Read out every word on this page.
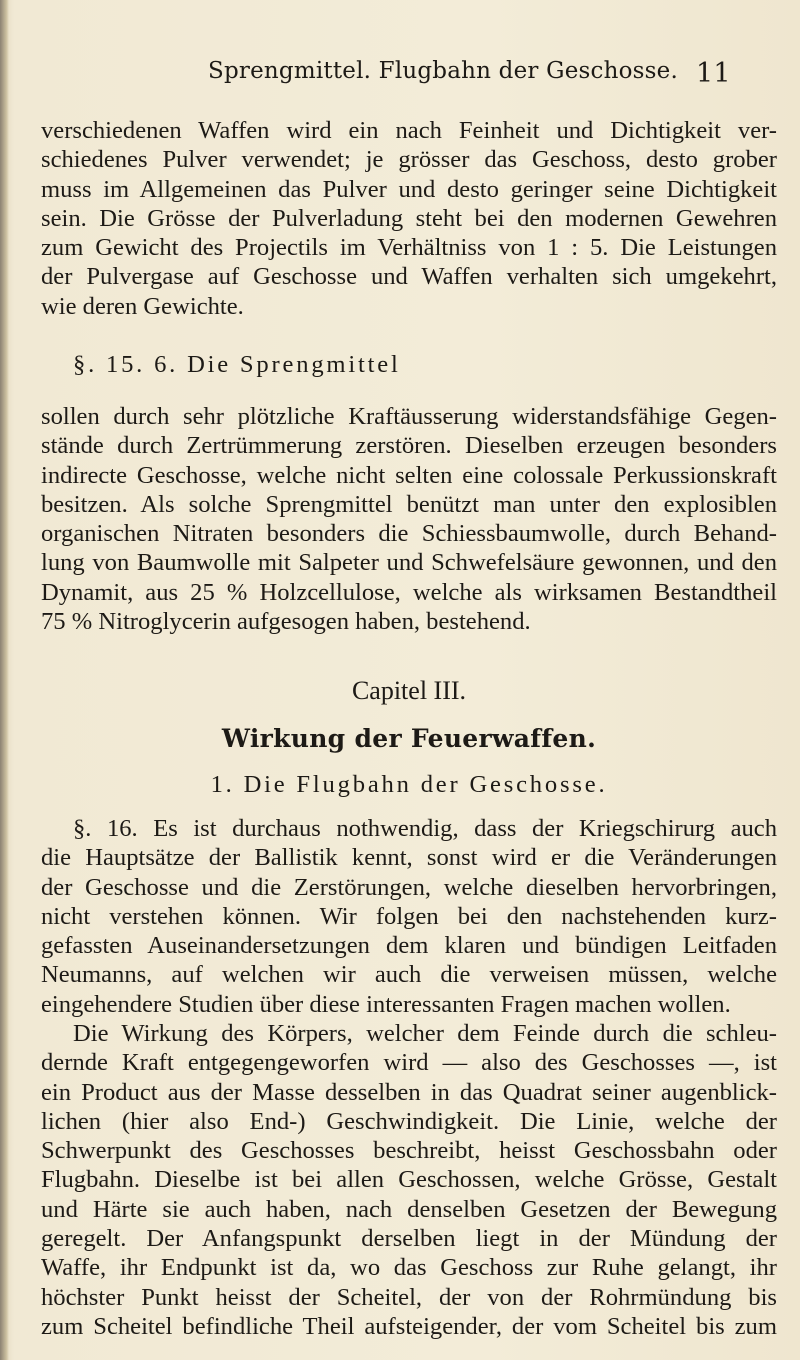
Sprengmittel. Flugbahn der Geschosse. 11
verschiedenen Waffen wird ein nach Feinheit und Dichtigkeit ver-
schiedenes Pulver verwendet; je grösser das Geschoss, desto grober
muss im Allgemeinen das Pulver und desto geringer seine Dichtigkeit
sein. Die Grösse der Pulverladung steht bei den modernen Gewehren
zum Gewicht des Projectils im Verhältniss von 1 : 5. Die Leistungen
der Pulvergase auf Geschosse und Waffen verhalten sich umgekehrt,
wie deren Gewichte.
§. 15. 6. Die Sprengmittel
sollen durch sehr plötzliche Kraftäusserung widerstandsfähige Gegen-
stände durch Zertrümmerung zerstören. Dieselben erzeugen besonders
indirecte Geschosse, welche nicht selten eine colossale Perkussionskraft
besitzen. Als solche Sprengmittel benützt man unter den explosiblen
organischen Nitraten besonders die Schiessbaumwolle, durch Behand-
lung von Baumwolle mit Salpeter und Schwefelsäure gewonnen, und den
Dynamit, aus 25 % Holzcellulose, welche als wirksamen Bestandtheil
75 % Nitroglycerin aufgesogen haben, bestehend.
Capitel III.
Wirkung der Feuerwaffen.
1. Die Flugbahn der Geschosse.
§. 16. Es ist durchaus nothwendig, dass der Kriegschirurg auch
die Hauptsätze der Ballistik kennt, sonst wird er die Veränderungen
der Geschosse und die Zerstörungen, welche dieselben hervorbringen,
nicht verstehen können. Wir folgen bei den nachstehenden kurz-
gefassten Auseinandersetzungen dem klaren und bündigen Leitfaden
Neumanns, auf welchen wir auch die verweisen müssen, welche
eingehendere Studien über diese interessanten Fragen machen wollen.
Die Wirkung des Körpers, welcher dem Feinde durch die schleu-
dernde Kraft entgegengeworfen wird — also des Geschosses —, ist
ein Product aus der Masse desselben in das Quadrat seiner augenblick-
lichen (hier also End-) Geschwindigkeit. Die Linie, welche der
Schwerpunkt des Geschosses beschreibt, heisst Geschossbahn oder
Flugbahn. Dieselbe ist bei allen Geschossen, welche Grösse, Gestalt
und Härte sie auch haben, nach denselben Gesetzen der Bewegung
geregelt. Der Anfangspunkt derselben liegt in der Mündung der
Waffe, ihr Endpunkt ist da, wo das Geschoss zur Ruhe gelangt, ihr
höchster Punkt heisst der Scheitel, der von der Rohrmündung bis
zum Scheitel befindliche Theil aufsteigender, der vom Scheitel bis zum
